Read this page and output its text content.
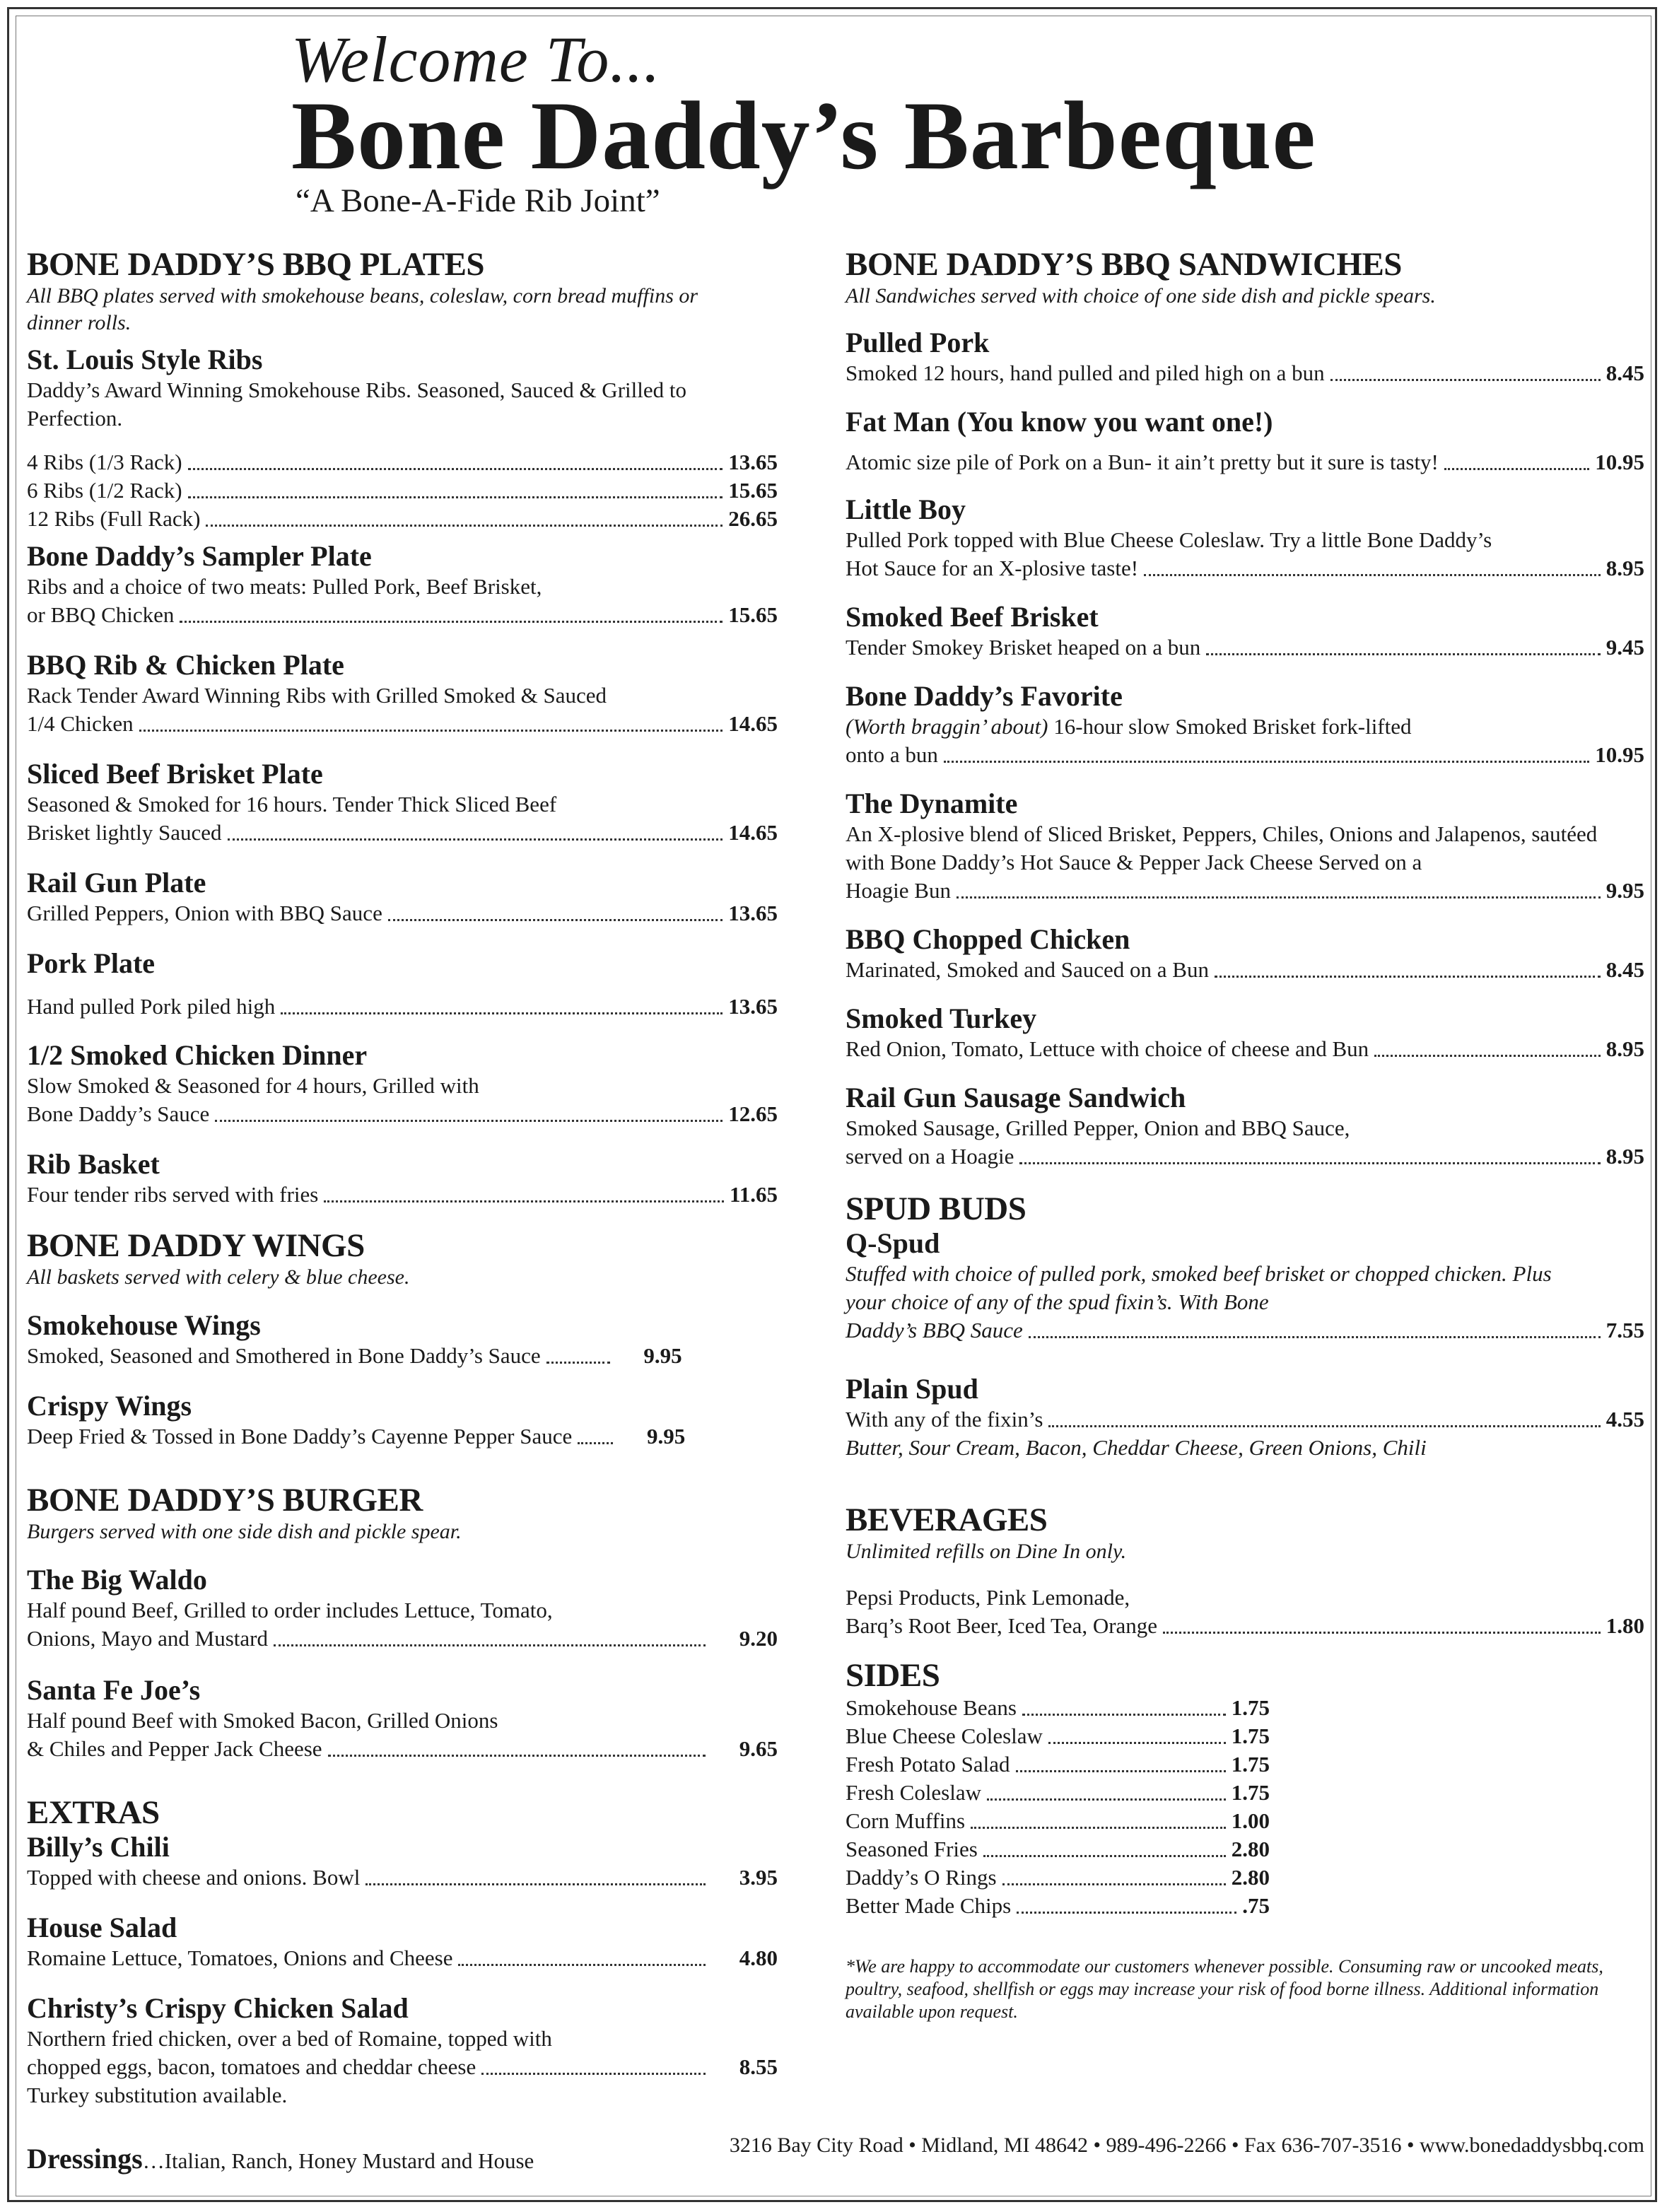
Welcome To...
Bone Daddy’s Barbeque
“A Bone-A-Fide Rib Joint”
BONE DADDY’S BBQ PLATES
All BBQ plates served with smokehouse beans, coleslaw, corn bread muffins or dinner rolls.
St. Louis Style Ribs
Daddy’s Award Winning Smokehouse Ribs. Seasoned, Sauced & Grilled to Perfection.
4 Ribs (1/3 Rack)	13.65
6 Ribs (1/2 Rack)	15.65
12 Ribs (Full Rack)	26.65
Bone Daddy’s Sampler Plate
Ribs and a choice of two meats: Pulled Pork, Beef Brisket,
or BBQ Chicken	15.65
BBQ Rib & Chicken Plate
Rack Tender Award Winning Ribs with Grilled Smoked & Sauced
1/4 Chicken	14.65
Sliced Beef Brisket Plate
Seasoned & Smoked for 16 hours. Tender Thick Sliced Beef
Brisket lightly Sauced	14.65
Rail Gun Plate
Grilled Peppers, Onion with BBQ Sauce	13.65
Pork Plate
Hand pulled Pork piled high	13.65
1/2 Smoked Chicken Dinner
Slow Smoked & Seasoned for 4 hours, Grilled with
Bone Daddy’s Sauce	12.65
Rib Basket
Four tender ribs served with fries	11.65
BONE DADDY WINGS
All baskets served with celery & blue cheese.
Smokehouse Wings
Smoked, Seasoned and Smothered in Bone Daddy’s Sauce	9.95
Crispy Wings
Deep Fried & Tossed in Bone Daddy’s Cayenne Pepper Sauce	9.95
BONE DADDY’S BURGER
Burgers served with one side dish and pickle spear.
The Big Waldo
Half pound Beef, Grilled to order includes Lettuce, Tomato,
Onions, Mayo and Mustard	9.20
Santa Fe Joe’s
Half pound Beef with Smoked Bacon, Grilled Onions
& Chiles and Pepper Jack Cheese	9.65
EXTRAS
Billy’s Chili
Topped with cheese and onions. Bowl	3.95
House Salad
Romaine Lettuce, Tomatoes, Onions and Cheese	4.80
Christy’s Crispy Chicken Salad
Northern fried chicken, over a bed of Romaine, topped with
chopped eggs, bacon, tomatoes and cheddar cheese	8.55
Turkey substitution available.
Dressings…Italian, Ranch, Honey Mustard and House
BONE DADDY’S BBQ SANDWICHES
All Sandwiches served with choice of one side dish and pickle spears.
Pulled Pork
Smoked 12 hours, hand pulled and piled high on a bun	8.45
Fat Man (You know you want one!)
Atomic size pile of Pork on a Bun- it ain’t pretty but it sure is tasty!	10.95
Little Boy
Pulled Pork topped with Blue Cheese Coleslaw. Try a little Bone Daddy’s
Hot Sauce for an X-plosive taste!	8.95
Smoked Beef Brisket
Tender Smokey Brisket heaped on a bun	9.45
Bone Daddy’s Favorite
(Worth braggin’ about) 16-hour slow Smoked Brisket fork-lifted
onto a bun	10.95
The Dynamite
An X-plosive blend of Sliced Brisket, Peppers, Chiles, Onions and Jalapenos, sautéed with Bone Daddy’s Hot Sauce & Pepper Jack Cheese Served on a
Hoagie Bun	9.95
BBQ Chopped Chicken
Marinated, Smoked and Sauced on a Bun	8.45
Smoked Turkey
Red Onion, Tomato, Lettuce with choice of cheese and Bun	8.95
Rail Gun Sausage Sandwich
Smoked Sausage, Grilled Pepper, Onion and BBQ Sauce,
served on a Hoagie	8.95
SPUD BUDS
Q-Spud
Stuffed with choice of pulled pork, smoked beef brisket or chopped chicken. Plus your choice of any of the spud fixin’s. With Bone
Daddy’s BBQ Sauce	7.55
Plain Spud
With any of the fixin’s	4.55
Butter, Sour Cream, Bacon, Cheddar Cheese, Green Onions, Chili
BEVERAGES
Unlimited refills on Dine In only.
Pepsi Products, Pink Lemonade,
Barq’s Root Beer, Iced Tea, Orange	1.80
SIDES
Smokehouse Beans	1.75
Blue Cheese Coleslaw	1.75
Fresh Potato Salad	1.75
Fresh Coleslaw	1.75
Corn Muffins	1.00
Seasoned Fries	2.80
Daddy’s O Rings	2.80
Better Made Chips	.75
*We are happy to accommodate our customers whenever possible. Consuming raw or uncooked meats, poultry, seafood, shellfish or eggs may increase your risk of food borne illness. Additional information available upon request.
3216 Bay City Road • Midland, MI 48642 • 989-496-2266 • Fax 636-707-3516 • www.bonedaddysbbq.com
